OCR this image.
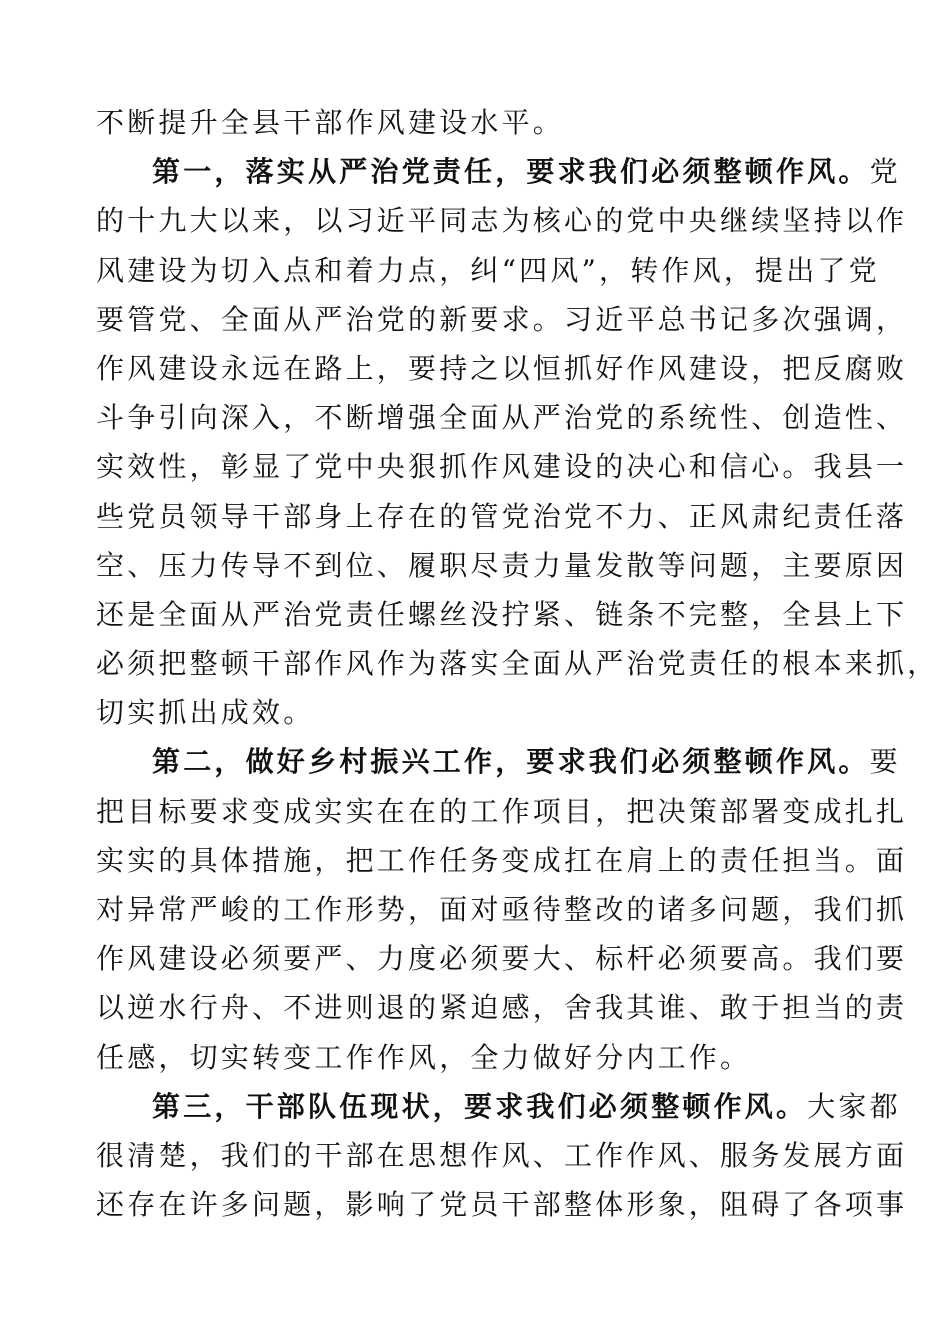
不断提升全县干部作风建设水平。
第一，落实从严治党责任，要求我们必须整顿作风。党
的十九大以来，以习近平同志为核心的党中央继续坚持以作
风建设为切入点和着力点，纠“四风”，转作风，提出了党
要管党、全面从严治党的新要求。习近平总书记多次强调，
作风建设永远在路上，要持之以恒抓好作风建设，把反腐败
斗争引向深入，不断增强全面从严治党的系统性、创造性、
实效性，彰显了党中央狠抓作风建设的决心和信心。我县一
些党员领导干部身上存在的管党治党不力、正风肃纪责任落
空、压力传导不到位、履职尽责力量发散等问题，主要原因
还是全面从严治党责任螺丝没拧紧、链条不完整，全县上下
必须把整顿干部作风作为落实全面从严治党责任的根本来抓，
切实抓出成效。
第二，做好乡村振兴工作，要求我们必须整顿作风。要
把目标要求变成实实在在的工作项目，把决策部署变成扎扎
实实的具体措施，把工作任务变成扛在肩上的责任担当。面
对异常严峻的工作形势，面对亟待整改的诸多问题，我们抓
作风建设必须要严、力度必须要大、标杆必须要高。我们要
以逆水行舟、不进则退的紧迫感，舍我其谁、敢于担当的责
任感，切实转变工作作风，全力做好分内工作。
第三，干部队伍现状，要求我们必须整顿作风。大家都
很清楚，我们的干部在思想作风、工作作风、服务发展方面
还存在许多问题，影响了党员干部整体形象，阻碍了各项事
